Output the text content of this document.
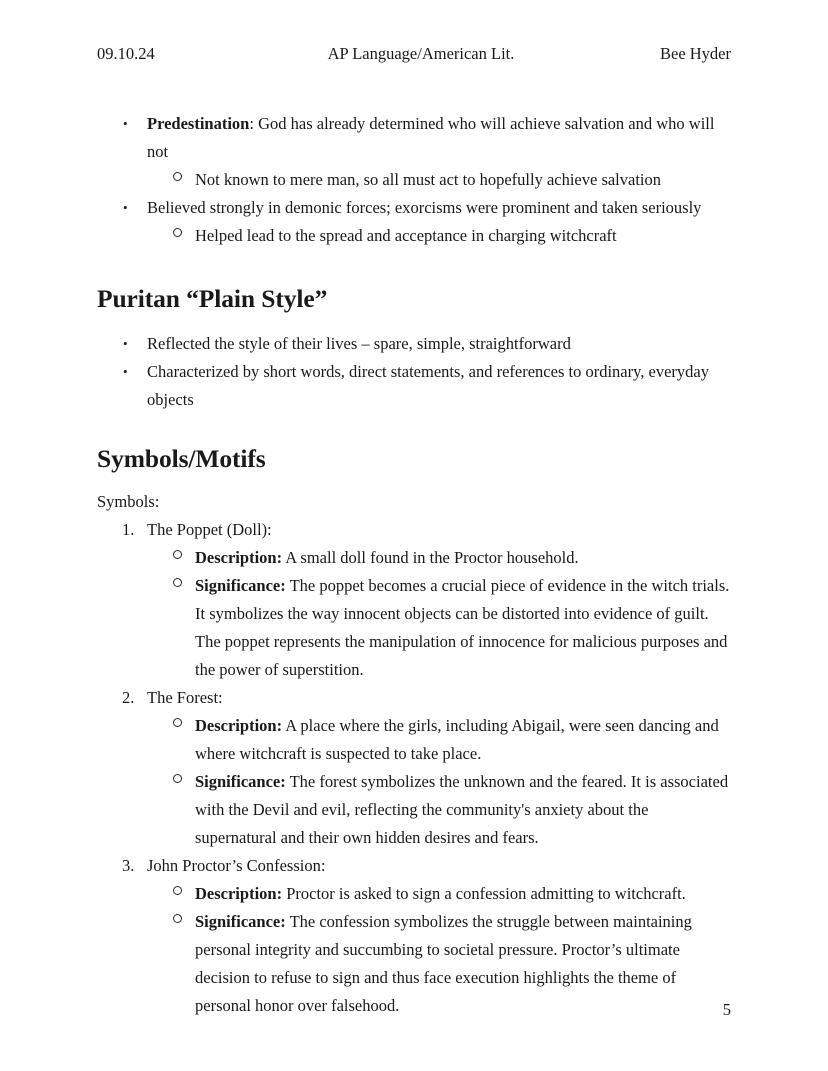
09.10.24	AP Language/American Lit.	Bee Hyder
•	Predestination: God has already determined who will achieve salvation and who will not
Not known to mere man, so all must act to hopefully achieve salvation
•	Believed strongly in demonic forces; exorcisms were prominent and taken seriously
Helped lead to the spread and acceptance in charging witchcraft
Puritan “Plain Style”
•	Reflected the style of their lives – spare, simple, straightforward
•	Characterized by short words, direct statements, and references to ordinary, everyday objects
Symbols/Motifs
Symbols:
1. The Poppet (Doll):
Description: A small doll found in the Proctor household.
Significance: The poppet becomes a crucial piece of evidence in the witch trials. It symbolizes the way innocent objects can be distorted into evidence of guilt. The poppet represents the manipulation of innocence for malicious purposes and the power of superstition.
2. The Forest:
Description: A place where the girls, including Abigail, were seen dancing and where witchcraft is suspected to take place.
Significance: The forest symbolizes the unknown and the feared. It is associated with the Devil and evil, reflecting the community's anxiety about the supernatural and their own hidden desires and fears.
3. John Proctor’s Confession:
Description: Proctor is asked to sign a confession admitting to witchcraft.
Significance: The confession symbolizes the struggle between maintaining personal integrity and succumbing to societal pressure. Proctor’s ultimate decision to refuse to sign and thus face execution highlights the theme of personal honor over falsehood.	5
